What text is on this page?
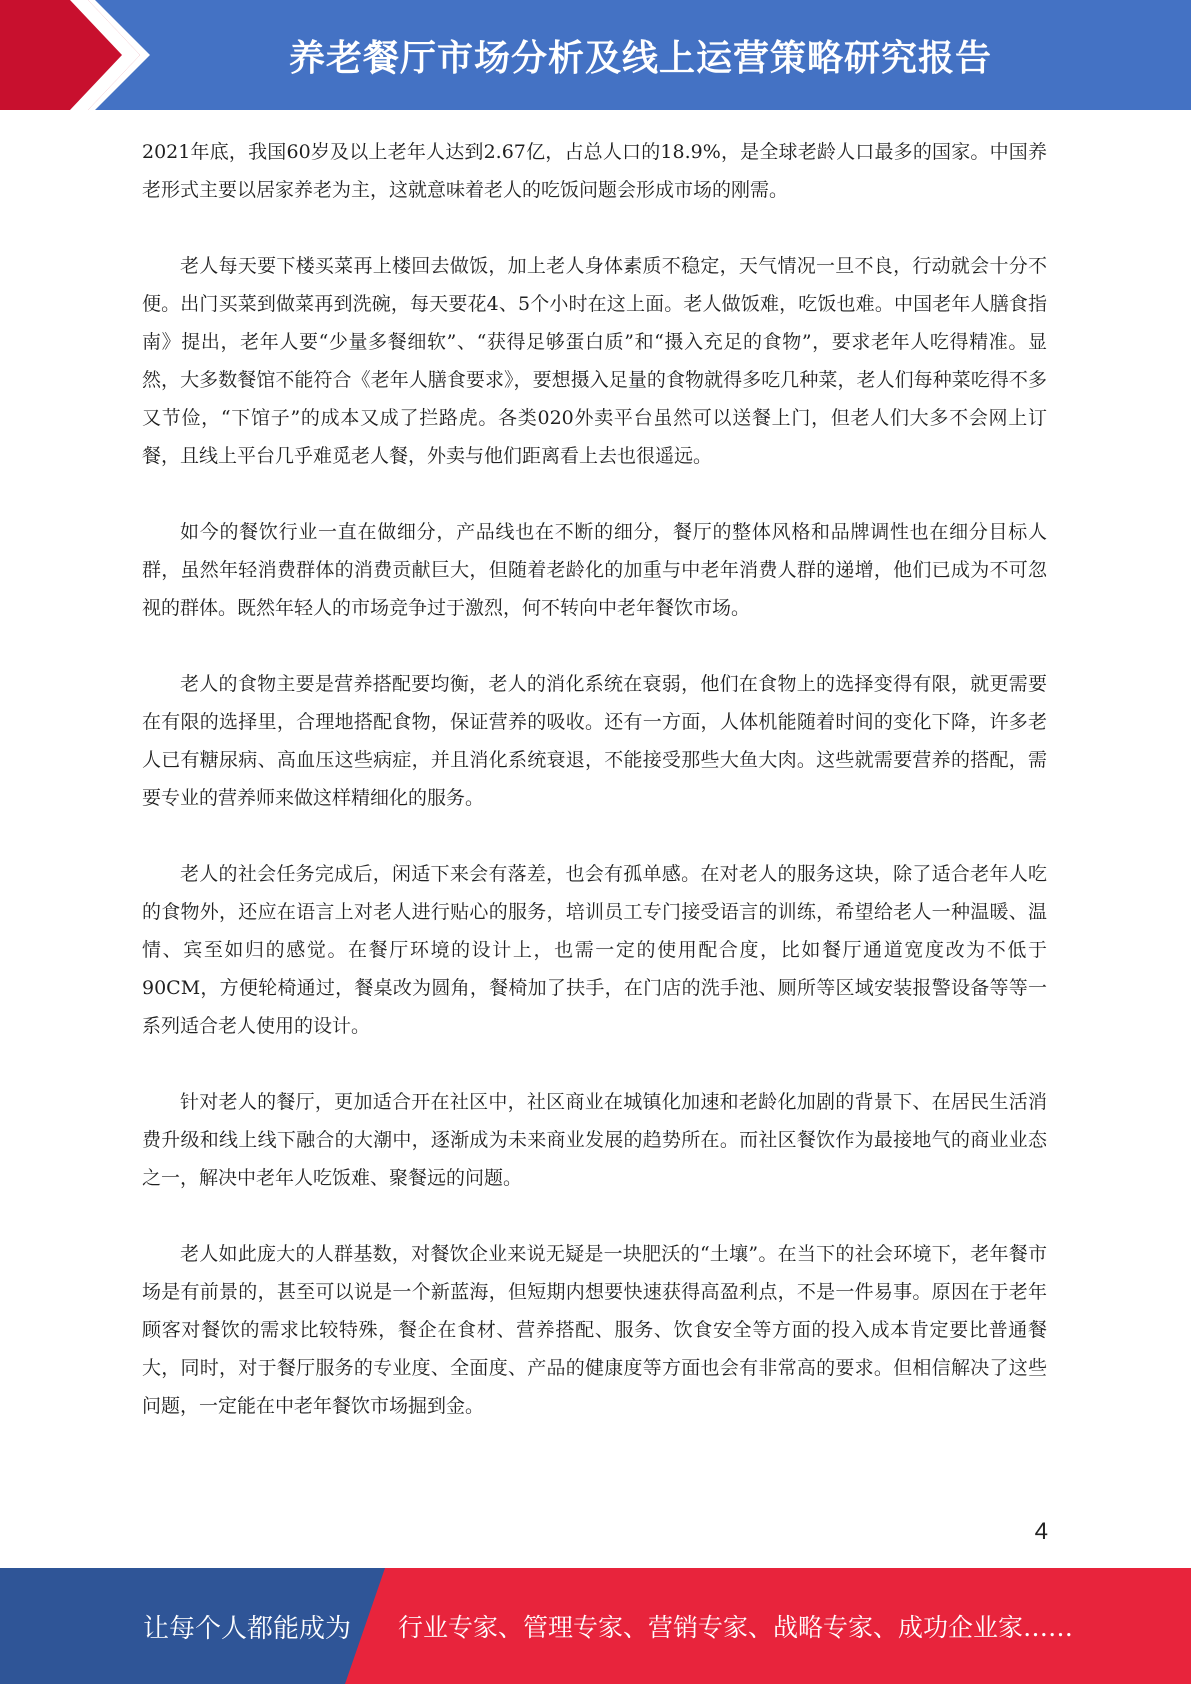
养老餐厅市场分析及线上运营策略研究报告

2021年底，我国60岁及以上老年人达到2.67亿，占总人口的18.9%，是全球老龄人口最多的国家。中国养老形式主要以居家养老为主，这就意味着老人的吃饭问题会形成市场的刚需。

老人每天要下楼买菜再上楼回去做饭，加上老人身体素质不稳定，天气情况一旦不良，行动就会十分不便。出门买菜到做菜再到洗碗，每天要花4、5个小时在这上面。老人做饭难，吃饭也难。中国老年人膳食指南》提出，老年人要“少量多餐细软”、“获得足够蛋白质”和“摄入充足的食物”，要求老年人吃得精准。显然，大多数餐馆不能符合《老年人膳食要求》，要想摄入足量的食物就得多吃几种菜，老人们每种菜吃得不多又节俭，“下馆子”的成本又成了拦路虎。各类020外卖平台虽然可以送餐上门，但老人们大多不会网上订餐，且线上平台几乎难觅老人餐，外卖与他们距离看上去也很遥远。

如今的餐饮行业一直在做细分，产品线也在不断的细分，餐厅的整体风格和品牌调性也在细分目标人群，虽然年轻消费群体的消费贡献巨大，但随着老龄化的加重与中老年消费人群的递增，他们已成为不可忽视的群体。既然年轻人的市场竞争过于激烈，何不转向中老年餐饮市场。

老人的食物主要是营养搭配要均衡，老人的消化系统在衰弱，他们在食物上的选择变得有限，就更需要在有限的选择里，合理地搭配食物，保证营养的吸收。还有一方面，人体机能随着时间的变化下降，许多老人已有糖尿病、高血压这些病症，并且消化系统衰退，不能接受那些大鱼大肉。这些就需要营养的搭配，需要专业的营养师来做这样精细化的服务。

老人的社会任务完成后，闲适下来会有落差，也会有孤单感。在对老人的服务这块，除了适合老年人吃的食物外，还应在语言上对老人进行贴心的服务，培训员工专门接受语言的训练，希望给老人一种温暖、温情、宾至如归的感觉。在餐厅环境的设计上，也需一定的使用配合度，比如餐厅通道宽度改为不低于90CM，方便轮椅通过，餐桌改为圆角，餐椅加了扶手，在门店的洗手池、厕所等区域安装报警设备等等一系列适合老人使用的设计。

针对老人的餐厅，更加适合开在社区中，社区商业在城镇化加速和老龄化加剧的背景下、在居民生活消费升级和线上线下融合的大潮中，逐渐成为未来商业发展的趋势所在。而社区餐饮作为最接地气的商业业态之一，解决中老年人吃饭难、聚餐远的问题。

老人如此庞大的人群基数，对餐饮企业来说无疑是一块肥沃的“土壤”。在当下的社会环境下，老年餐市场是有前景的，甚至可以说是一个新蓝海，但短期内想要快速获得高盈利点，不是一件易事。原因在于老年顾客对餐饮的需求比较特殊，餐企在食材、营养搭配、服务、饮食安全等方面的投入成本肯定要比普通餐大，同时，对于餐厅服务的专业度、全面度、产品的健康度等方面也会有非常高的要求。但相信解决了这些问题，一定能在中老年餐饮市场掘到金。

4
让每个人都能成为 行业专家、管理专家、营销专家、战略专家、成功企业家……
